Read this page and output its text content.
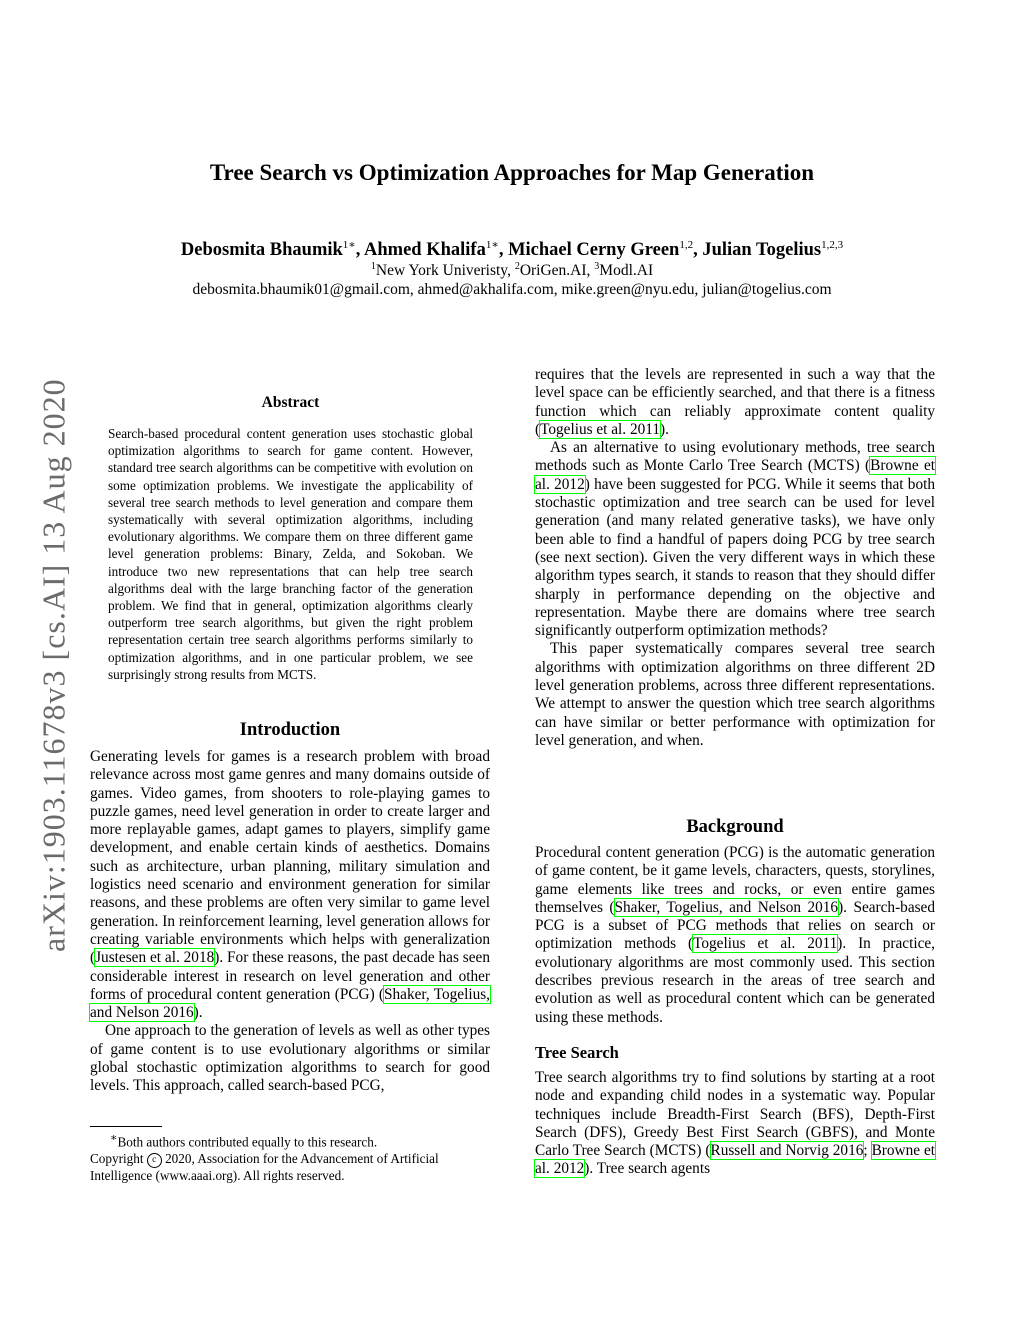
arXiv:1903.11678v3 [cs.AI] 13 Aug 2020
Tree Search vs Optimization Approaches for Map Generation
Debosmita Bhaumik$^{1∗}$, Ahmed Khalifa$^{1∗}$, Michael Cerny Green$^{1,2}$, Julian Togelius$^{1,2,3}$
$^1$New York Univeristy, $^2$OriGen.AI, $^3$Modl.AI
debosmita.bhaumik01@gmail.com, ahmed@akhalifa.com, mike.green@nyu.edu, julian@togelius.com
Abstract
Search-based procedural content generation uses stochastic global optimization algorithms to search for game content. However, standard tree search algorithms can be competitive with evolution on some optimization problems. We investigate the applicability of several tree search methods to level generation and compare them systematically with several optimization algorithms, including evolutionary algorithms. We compare them on three different game level generation problems: Binary, Zelda, and Sokoban. We introduce two new representations that can help tree search algorithms deal with the large branching factor of the generation problem. We find that in general, optimization algorithms clearly outperform tree search algorithms, but given the right problem representation certain tree search algorithms performs similarly to optimization algorithms, and in one particular problem, we see surprisingly strong results from MCTS.
Introduction

Generating levels for games is a research problem with broad relevance across most game genres and many domains outside of games. Video games, from shooters to role-playing games to puzzle games, need level generation in order to create larger and more replayable games, adapt games to players, simplify game development, and enable certain kinds of aesthetics. Domains such as architecture, urban planning, military simulation and logistics need scenario and environment generation for similar reasons, and these problems are often very similar to game level generation. In reinforcement learning, level generation allows for creating variable environments which helps with generalization (Justesen et al. 2018). For these reasons, the past decade has seen considerable interest in research on level generation and other forms of procedural content generation (PCG) (Shaker, Togelius, and Nelson 2016).

One approach to the generation of levels as well as other types of game content is to use evolutionary algorithms or similar global stochastic optimization algorithms to search for good levels. This approach, called search-based PCG,

∗Both authors contributed equally to this research.

Copyright c 2020, Association for the Advancement of Artificial Intelligence (www.aaai.org). All rights reserved.

requires that the levels are represented in such a way that the level space can be efficiently searched, and that there is a fitness function which can reliably approximate content quality (Togelius et al. 2011).

As an alternative to using evolutionary methods, tree search methods such as Monte Carlo Tree Search (MCTS) (Browne et al. 2012) have been suggested for PCG. While it seems that both stochastic optimization and tree search can be used for level generation (and many related generative tasks), we have only been able to find a handful of papers doing PCG by tree search (see next section). Given the very different ways in which these algorithm types search, it stands to reason that they should differ sharply in performance depending on the objective and representation. Maybe there are domains where tree search significantly outperform optimization methods?

This paper systematically compares several tree search algorithms with optimization algorithms on three different 2D level generation problems, across three different representations. We attempt to answer the question which tree search algorithms can have similar or better performance with optimization for level generation, and when.

Background

Procedural content generation (PCG) is the automatic generation of game content, be it game levels, characters, quests, storylines, game elements like trees and rocks, or even entire games themselves (Shaker, Togelius, and Nelson 2016). Search-based PCG is a subset of PCG methods that relies on search or optimization methods (Togelius et al. 2011). In practice, evolutionary algorithms are most commonly used. This section describes previous research in the areas of tree search and evolution as well as procedural content which can be generated using these methods.

Tree Search

Tree search algorithms try to find solutions by starting at a root node and expanding child nodes in a systematic way. Popular techniques include Breadth-First Search (BFS), Depth-First Search (DFS), Greedy Best First Search (GBFS), and Monte Carlo Tree Search (MCTS) (Russell and Norvig 2016; Browne et al. 2012). Tree search agents
